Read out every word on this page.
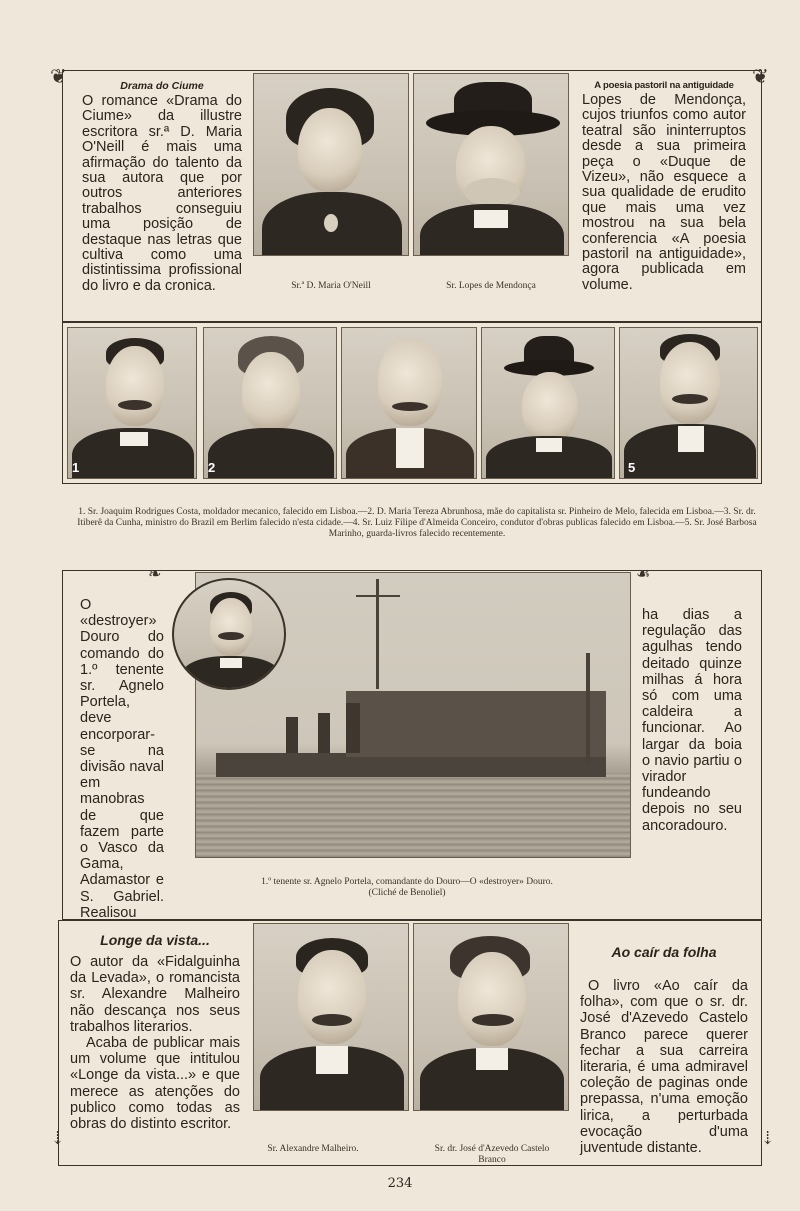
❦	❦
Drama do Ciume

O romance «Drama do Ciume» da illustre escritora sr.ª D. Maria O'Neill é mais uma afirmação do talento da sua autora que por outros anteriores trabalhos conseguiu uma posição de destaque nas letras que cultiva como uma distintissima profissional do livro e da cronica.	Sr.ª D. Maria O'Neill	Sr. Lopes de Mendonça
A poesia pastoril na antiguidade

Lopes de Mendonça, cujos triunfos como autor teatral são ininterruptos desde a sua primeira peça o «Duque de Vizeu», não esquece a sua qualidade de erudito que mais uma vez mostrou na sua bela conferencia «A poesia pastoril na antiguidade», agora publicada em volume.

1	2	5

1. Sr. Joaquim Rodrigues Costa, moldador mecanico, falecido em Lisboa.—2. D. Maria Tereza Abrunhosa, mãe do capitalista sr. Pinheiro de Melo, falecida em Lisboa.—3. Sr. dr. Itiberê da Cunha, ministro do Brazil em Berlim falecido n'esta cidade.—4. Sr. Luiz Filipe d'Almeida Conceiro, condutor d'obras publicas falecido em Lisboa.—5. Sr. José Barbosa Marinho, guarda-livros falecido recentemente.

❧	☙

O «destroyer» Douro do comando do 1.º tenente sr. Agnelo Portela, deve encorporar-se na divisão naval em manobras de que fazem parte o Vasco da Gama, Adamastor e S. Gabriel. Realisou

ha dias a regulação das agulhas tendo deitado quinze milhas á hora só com uma caldeira a funcionar. Ao largar da boia o navio partiu o virador fundeando depois no seu ancoradouro.

1.º tenente sr. Agnelo Portela, comandante do Douro—O «destroyer» Douro.
(Cliché de Benoliel)
⇣	⇣
Longe da vista...

O autor da «Fidalguinha da Levada», o romancista sr. Alexandre Malheiro não descança nos seus trabalhos literarios.

Acaba de publicar mais um volume que intitulou «Longe da vista...» e que merece as atenções do publico como todas as obras do distinto escritor.

Sr. Alexandre Malheiro.	Sr. dr. José d'Azevedo Castelo Branco
Ao caír da folha

O livro «Ao caír da folha», com que o sr. dr. José d'Azevedo Castelo Branco parece querer fechar a sua carreira literaria, é uma admiravel coleção de paginas onde prepassa, n'uma emoção lirica, a perturbada evocação d'uma juventude distante.

234
